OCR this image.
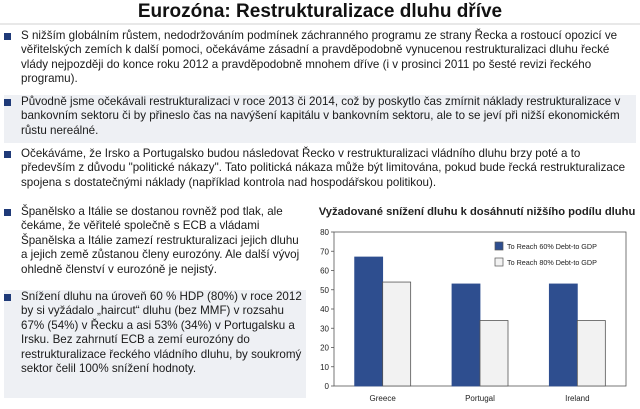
Eurozóna: Restrukturalizace dluhu dříve
S nižším globálním růstem, nedodržováním podmínek záchranného programu ze strany Řecka a rostoucí opozicí ve věřitelských zemích k další pomoci, očekáváme zásadní a pravděpodobně vynucenou restrukturalizaci dluhu řecké vlády nejpozději do konce roku 2012 a pravděpodobně mnohem dříve (i v prosinci 2011 po šesté revizi řeckého programu).
Původně jsme očekávali restrukturalizaci v roce 2013 či 2014, což by poskytlo čas zmírnit náklady restrukturalizace v bankovním sektoru či by přineslo čas na navýšení kapitálu v bankovním sektoru, ale to se jeví při nižší ekonomickém růstu nereálné.
Očekáváme, že Irsko a Portugalsko budou následovat Řecko v restrukturalizaci vládního dluhu brzy poté a to především z důvodu "politické nákazy". Tato politická nákaza může být limitována, pokud bude řecká restrukturalizace spojena s dostatečnými náklady (například kontrola nad hospodářskou politikou).
Španělsko a Itálie se dostanou rovněž pod tlak, ale čekáme, že věřitelé společně s ECB a vládami Španělska a Itálie zamezí restrukturalizaci jejich dluhu a jejich země zůstanou členy eurozóny. Ale další vývoj ohledně členství v eurozóně je nejistý.
Snížení dluhu na úroveň 60 % HDP (80%) v roce 2012 by si vyžádalo „haircut“ dluhu (bez MMF) v rozsahu 67% (54%) v Řecku a asi 53% (34%) v Portugalsku a Irsku. Bez zahrnutí ECB a zemí eurozóny do restrukturalizace řeckého vládního dluhu, by soukromý sektor čelil 100% snížení hodnoty.
Vyžadované snížení dluhu k dosáhnutí nižšího podílu dluhu
0
10
20
30
40
50
60
70
80
Greece	Portugal	Ireland
To Reach 60% Debt-to GDP
To Reach 80% Debt-to GDP
